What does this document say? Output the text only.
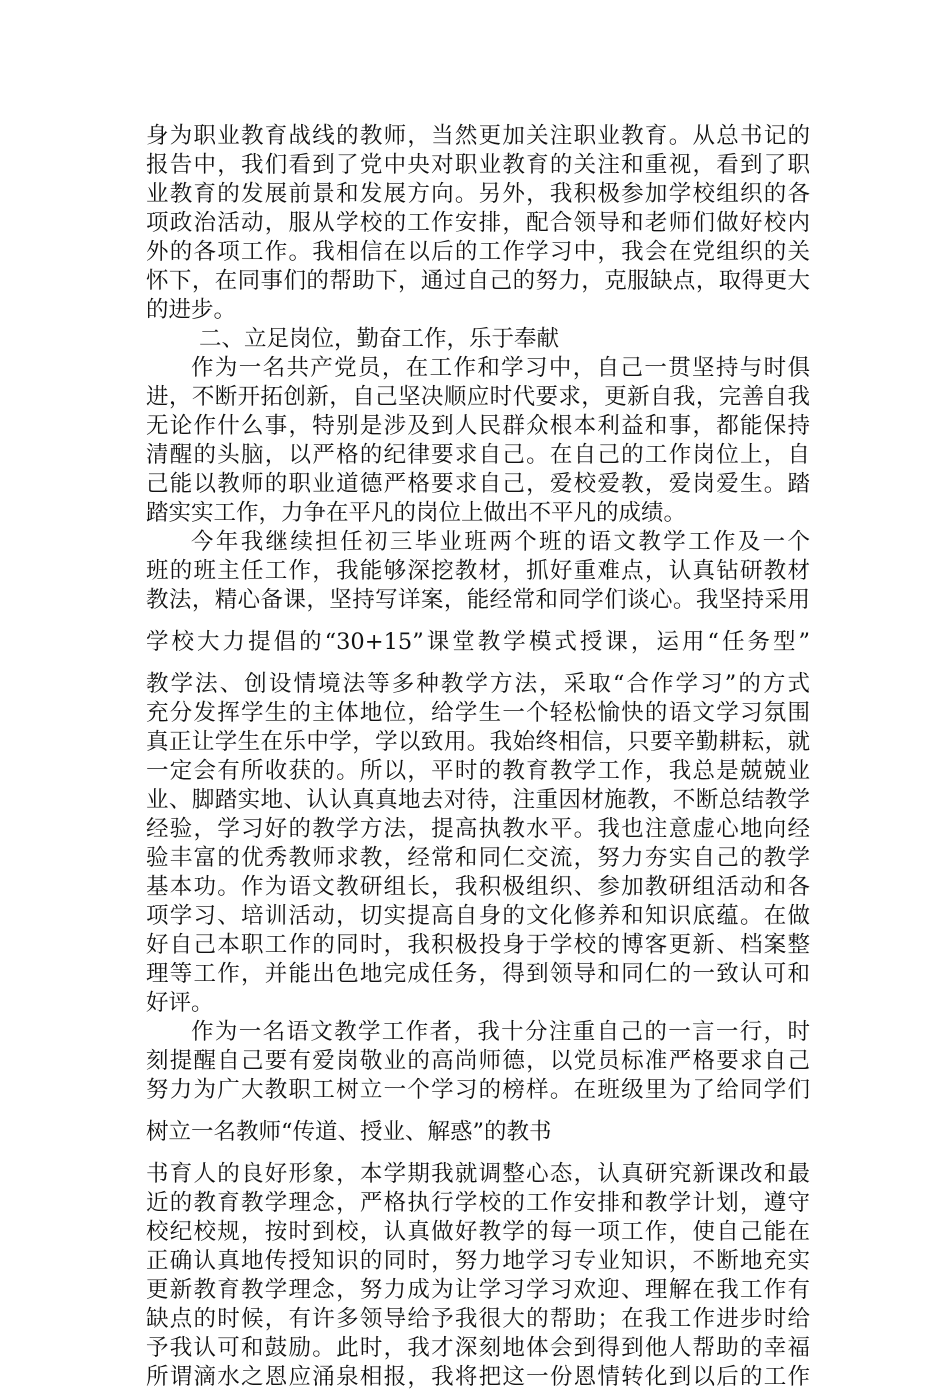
身为职业教育战线的教师，当然更加关注职业教育。从总书记的
报告中，我们看到了党中央对职业教育的关注和重视，看到了职
业教育的发展前景和发展方向。另外，我积极参加学校组织的各
项政治活动，服从学校的工作安排，配合领导和老师们做好校内
外的各项工作。我相信在以后的工作学习中，我会在党组织的关
怀下，在同事们的帮助下，通过自己的努力，克服缺点，取得更大
的进步。
二、立足岗位，勤奋工作，乐于奉献
作为一名共产党员，在工作和学习中，自己一贯坚持与时俱
进，不断开拓创新，自己坚决顺应时代要求，更新自我，完善自我
无论作什么事，特别是涉及到人民群众根本利益和事，都能保持
清醒的头脑，以严格的纪律要求自己。在自己的工作岗位上，自
己能以教师的职业道德严格要求自己，爱校爱教，爱岗爱生。踏
踏实实工作，力争在平凡的岗位上做出不平凡的成绩。
今年我继续担任初三毕业班两个班的语文教学工作及一个
班的班主任工作，我能够深挖教材，抓好重难点，认真钻研教材
教法，精心备课，坚持写详案，能经常和同学们谈心。我坚持采用
学校大力提倡的“30+15”课堂教学模式授课，运用“任务型”
教学法、创设情境法等多种教学方法，采取“合作学习”的方式
充分发挥学生的主体地位，给学生一个轻松愉快的语文学习氛围
真正让学生在乐中学，学以致用。我始终相信，只要辛勤耕耘，就
一定会有所收获的。所以，平时的教育教学工作，我总是兢兢业
业、脚踏实地、认认真真地去对待，注重因材施教，不断总结教学
经验，学习好的教学方法，提高执教水平。我也注意虚心地向经
验丰富的优秀教师求教，经常和同仁交流，努力夯实自己的教学
基本功。作为语文教研组长，我积极组织、参加教研组活动和各
项学习、培训活动，切实提高自身的文化修养和知识底蕴。在做
好自己本职工作的同时，我积极投身于学校的博客更新、档案整
理等工作，并能出色地完成任务，得到领导和同仁的一致认可和
好评。
作为一名语文教学工作者，我十分注重自己的一言一行，时
刻提醒自己要有爱岗敬业的高尚师德，以党员标准严格要求自己
努力为广大教职工树立一个学习的榜样。在班级里为了给同学们
树立一名教师“传道、授业、解惑”的教书
书育人的良好形象，本学期我就调整心态，认真研究新课改和最
近的教育教学理念，严格执行学校的工作安排和教学计划，遵守
校纪校规，按时到校，认真做好教学的每一项工作，使自己能在
正确认真地传授知识的同时，努力地学习专业知识，不断地充实
更新教育教学理念，努力成为让学习学习欢迎、理解在我工作有
缺点的时候，有许多领导给予我很大的帮助；在我工作进步时给
予我认可和鼓励。此时，我才深刻地体会到得到他人帮助的幸福
所谓滴水之恩应涌泉相报，我将把这一份恩情转化到以后的工作
